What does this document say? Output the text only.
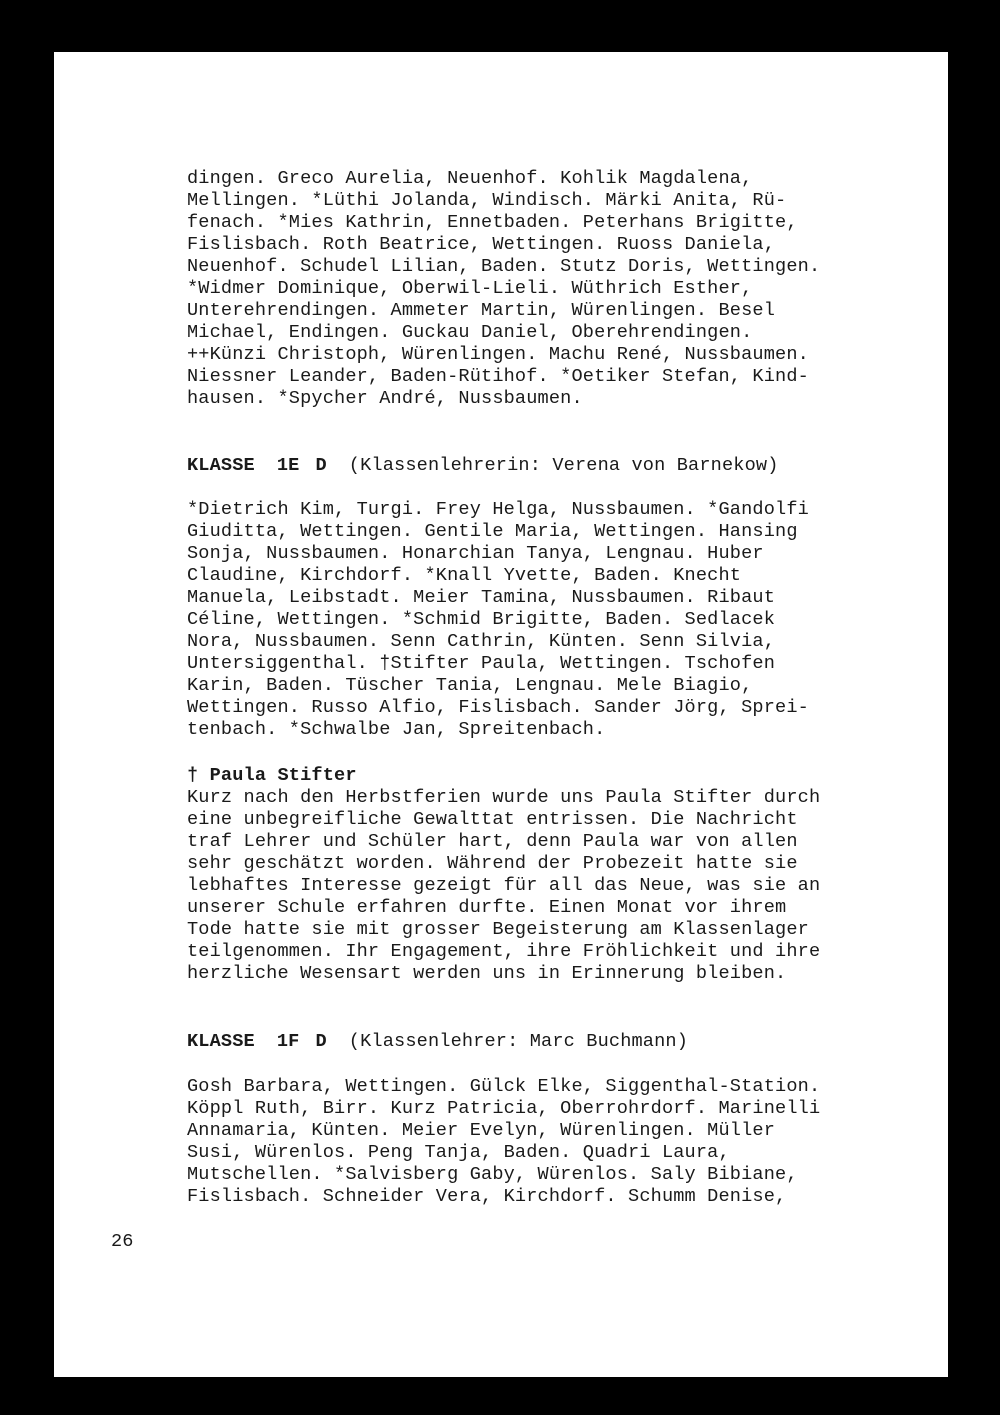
dingen. Greco Aurelia, Neuenhof. Kohlik Magdalena,
Mellingen. *Lüthi Jolanda, Windisch. Märki Anita, Rü-
fenach. *Mies Kathrin, Ennetbaden. Peterhans Brigitte,
Fislisbach. Roth Beatrice, Wettingen. Ruoss Daniela,
Neuenhof. Schudel Lilian, Baden. Stutz Doris, Wettingen.
*Widmer Dominique, Oberwil-Lieli. Wüthrich Esther,
Unterehrendingen. Ammeter Martin, Würenlingen. Besel
Michael, Endingen. Guckau Daniel, Oberehrendingen.
++Künzi Christoph, Würenlingen. Machu René, Nussbaumen.
Niessner Leander, Baden-Rütihof. *Oetiker Stefan, Kind-
hausen. *Spycher André, Nussbaumen.
KLASSE 1E D (Klassenlehrerin: Verena von Barnekow)
*Dietrich Kim, Turgi. Frey Helga, Nussbaumen. *Gandolfi
Giuditta, Wettingen. Gentile Maria, Wettingen. Hansing
Sonja, Nussbaumen. Honarchian Tanya, Lengnau. Huber
Claudine, Kirchdorf. *Knall Yvette, Baden. Knecht
Manuela, Leibstadt. Meier Tamina, Nussbaumen. Ribaut
Céline, Wettingen. *Schmid Brigitte, Baden. Sedlacek
Nora, Nussbaumen. Senn Cathrin, Künten. Senn Silvia,
Untersiggenthal. †Stifter Paula, Wettingen. Tschofen
Karin, Baden. Tüscher Tania, Lengnau. Mele Biagio,
Wettingen. Russo Alfio, Fislisbach. Sander Jörg, Sprei-
tenbach. *Schwalbe Jan, Spreitenbach.
† Paula Stifter
Kurz nach den Herbstferien wurde uns Paula Stifter durch
eine unbegreifliche Gewalttat entrissen. Die Nachricht
traf Lehrer und Schüler hart, denn Paula war von allen
sehr geschätzt worden. Während der Probezeit hatte sie
lebhaftes Interesse gezeigt für all das Neue, was sie an
unserer Schule erfahren durfte. Einen Monat vor ihrem
Tode hatte sie mit grosser Begeisterung am Klassenlager
teilgenommen. Ihr Engagement, ihre Fröhlichkeit und ihre
herzliche Wesensart werden uns in Erinnerung bleiben.
KLASSE 1F D (Klassenlehrer: Marc Buchmann)
Gosh Barbara, Wettingen. Gülck Elke, Siggenthal-Station.
Köppl Ruth, Birr. Kurz Patricia, Oberrohrdorf. Marinelli
Annamaria, Künten. Meier Evelyn, Würenlingen. Müller
Susi, Würenlos. Peng Tanja, Baden. Quadri Laura,
Mutschellen. *Salvisberg Gaby, Würenlos. Saly Bibiane,
Fislisbach. Schneider Vera, Kirchdorf. Schumm Denise,
26
